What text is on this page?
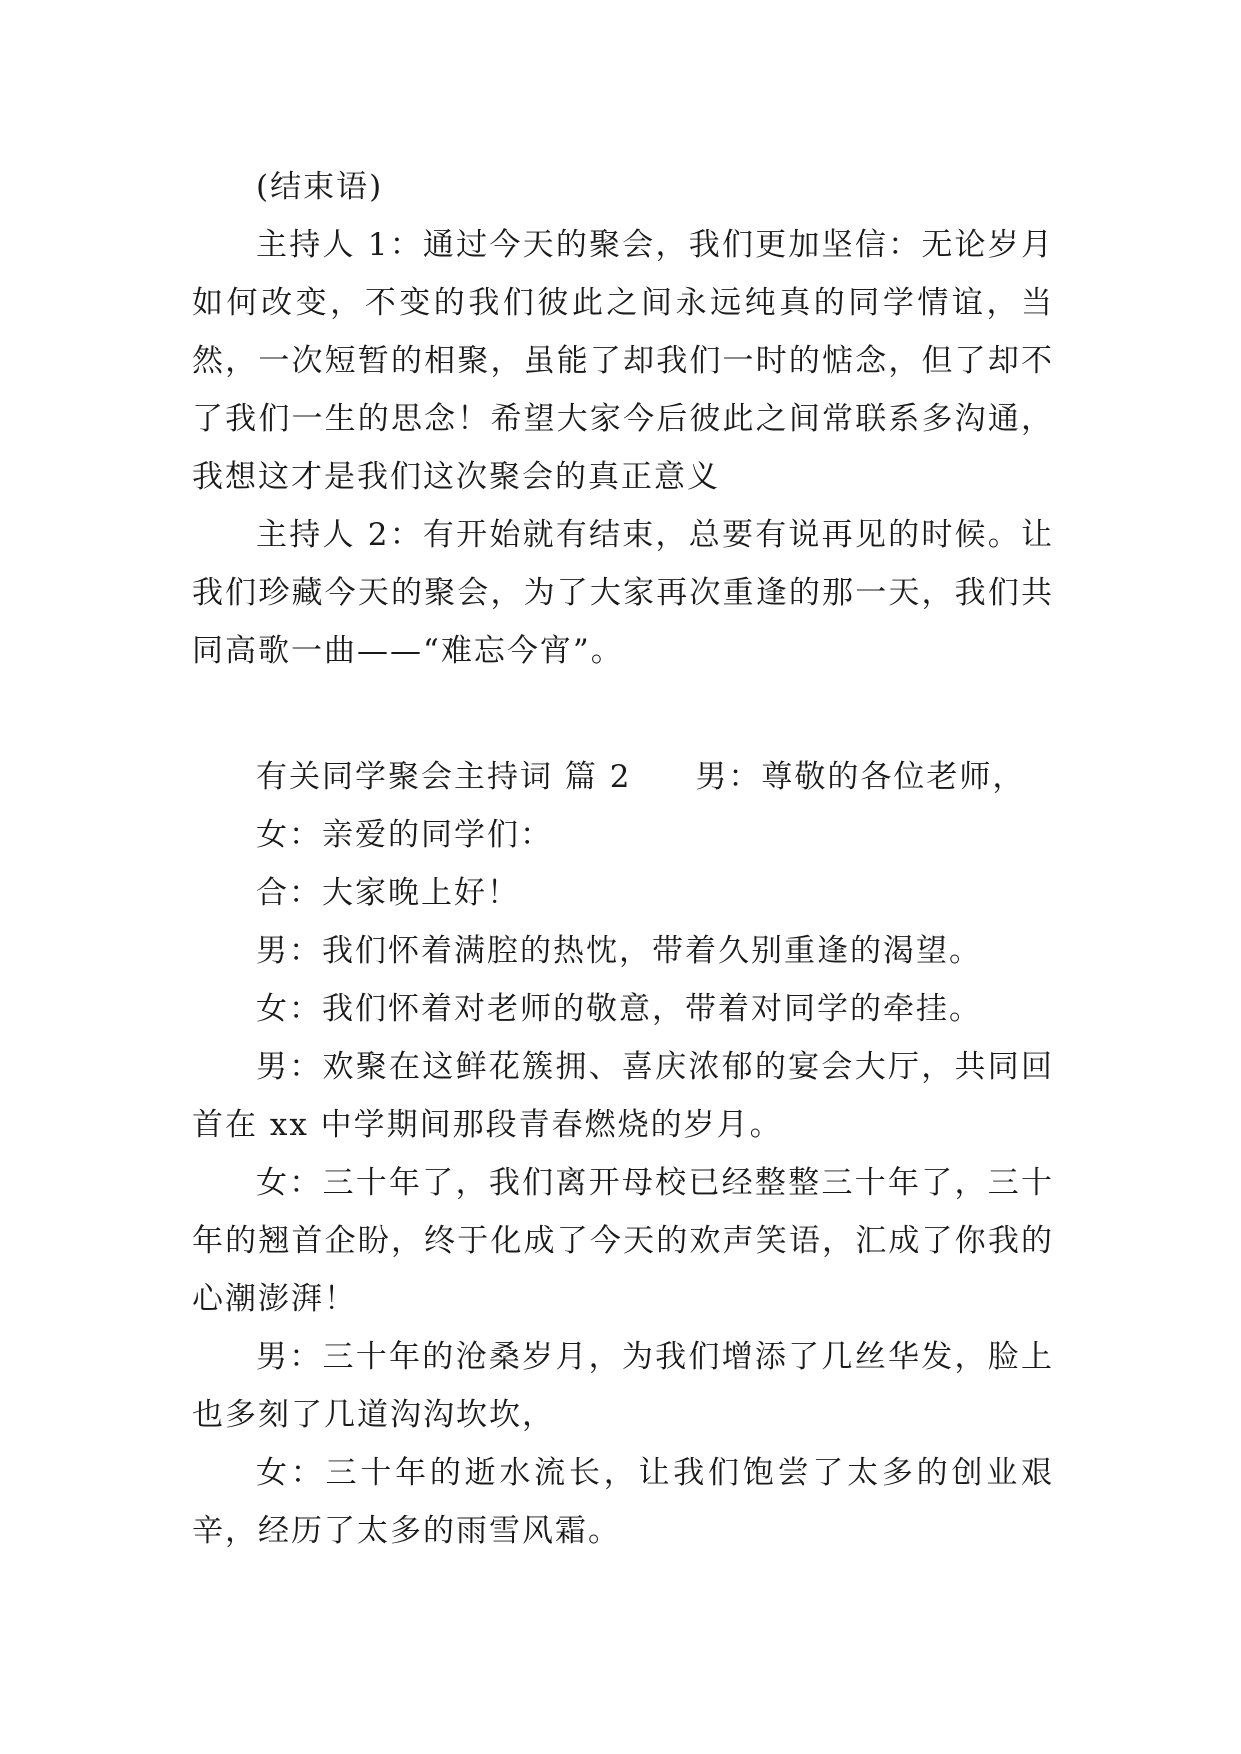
(结束语)

主持人 1：通过今天的聚会，我们更加坚信：无论岁月如何改变，不变的我们彼此之间永远纯真的同学情谊，当然，一次短暂的相聚，虽能了却我们一时的惦念，但了却不了我们一生的思念！希望大家今后彼此之间常联系多沟通，我想这才是我们这次聚会的真正意义

主持人 2：有开始就有结束，总要有说再见的时候。让我们珍藏今天的聚会，为了大家再次重逢的那一天，我们共同高歌一曲——“难忘今宵”。

有关同学聚会主持词 篇 2 男：尊敬的各位老师，

女：亲爱的同学们：

合：大家晚上好！

男：我们怀着满腔的热忱，带着久别重逢的渴望。

女：我们怀着对老师的敬意，带着对同学的牵挂。

男：欢聚在这鲜花簇拥、喜庆浓郁的宴会大厅，共同回首在 xx 中学期间那段青春燃烧的岁月。

女：三十年了，我们离开母校已经整整三十年了，三十年的翘首企盼，终于化成了今天的欢声笑语，汇成了你我的心潮澎湃！

男：三十年的沧桑岁月，为我们增添了几丝华发，脸上也多刻了几道沟沟坎坎，

女：三十年的逝水流长，让我们饱尝了太多的创业艰辛，经历了太多的雨雪风霜。
